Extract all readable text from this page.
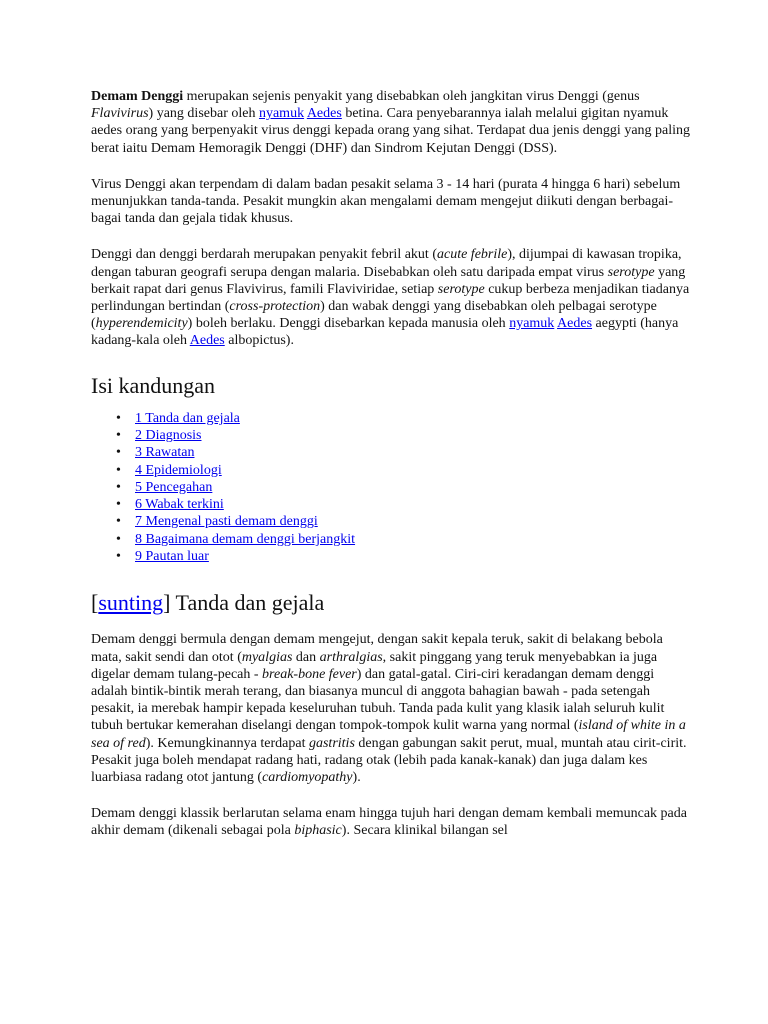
Demam Denggi merupakan sejenis penyakit yang disebabkan oleh jangkitan virus Denggi (genus Flavivirus) yang disebar oleh nyamuk Aedes betina. Cara penyebarannya ialah melalui gigitan nyamuk aedes orang yang berpenyakit virus denggi kepada orang yang sihat. Terdapat dua jenis denggi yang paling berat iaitu Demam Hemoragik Denggi (DHF) dan Sindrom Kejutan Denggi (DSS).

Virus Denggi akan terpendam di dalam badan pesakit selama 3 - 14 hari (purata 4 hingga 6 hari) sebelum menunjukkan tanda-tanda. Pesakit mungkin akan mengalami demam mengejut diikuti dengan berbagai-bagai tanda dan gejala tidak khusus.

Denggi dan denggi berdarah merupakan penyakit febril akut (acute febrile), dijumpai di kawasan tropika, dengan taburan geografi serupa dengan malaria. Disebabkan oleh satu daripada empat virus serotype yang berkait rapat dari genus Flavivirus, famili Flaviviridae, setiap serotype cukup berbeza menjadikan tiadanya perlindungan bertindan (cross-protection) dan wabak denggi yang disebabkan oleh pelbagai serotype (hyperendemicity) boleh berlaku. Denggi disebarkan kepada manusia oleh nyamuk Aedes aegypti (hanya kadang-kala oleh Aedes albopictus).

Isi kandungan
• 1 Tanda dan gejala
• 2 Diagnosis
• 3 Rawatan
• 4 Epidemiologi
• 5 Pencegahan
• 6 Wabak terkini
• 7 Mengenal pasti demam denggi
• 8 Bagaimana demam denggi berjangkit
• 9 Pautan luar
[sunting] Tanda dan gejala

Demam denggi bermula dengan demam mengejut, dengan sakit kepala teruk, sakit di belakang bebola mata, sakit sendi dan otot (myalgias dan arthralgias, sakit pinggang yang teruk menyebabkan ia juga digelar demam tulang-pecah - break-bone fever) dan gatal-gatal. Ciri-ciri keradangan demam denggi adalah bintik-bintik merah terang, dan biasanya muncul di anggota bahagian bawah - pada setengah pesakit, ia merebak hampir kepada keseluruhan tubuh. Tanda pada kulit yang klasik ialah seluruh kulit tubuh bertukar kemerahan diselangi dengan tompok-tompok kulit warna yang normal (island of white in a sea of red). Kemungkinannya terdapat gastritis dengan gabungan sakit perut, mual, muntah atau cirit-cirit. Pesakit juga boleh mendapat radang hati, radang otak (lebih pada kanak-kanak) dan juga dalam kes luarbiasa radang otot jantung (cardiomyopathy).

Demam denggi klassik berlarutan selama enam hingga tujuh hari dengan demam kembali memuncak pada akhir demam (dikenali sebagai pola biphasic). Secara klinikal bilangan sel
